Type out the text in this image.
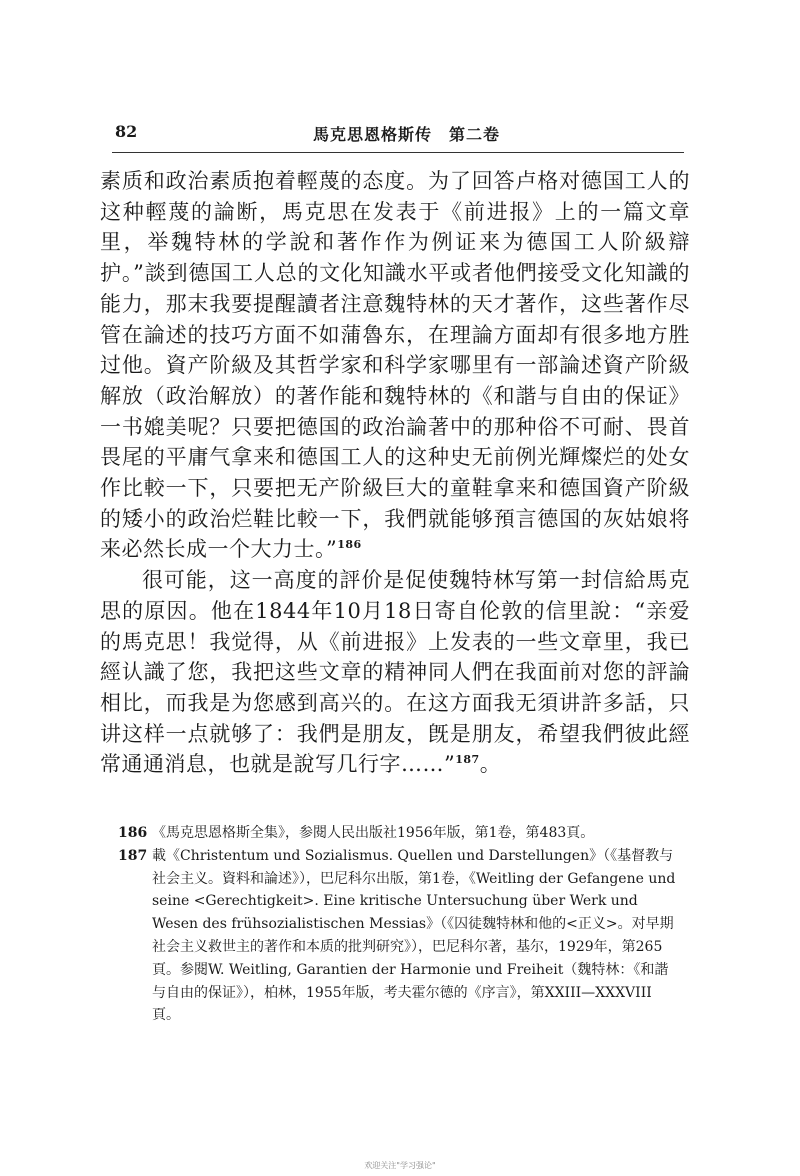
82	馬克思恩格斯传　第二卷

素质和政治素质抱着輕蔑的态度。为了回答卢格对德国工人的这种輕蔑的論断，馬克思在发表于《前进报》上的一篇文章里，举魏特林的学說和著作作为例证来为德国工人阶級辯护。”談到德国工人总的文化知識水平或者他們接受文化知識的能力，那末我要提醒讀者注意魏特林的天才著作，这些著作尽管在論述的技巧方面不如蒲魯东，在理論方面却有很多地方胜过他。資产阶級及其哲学家和科学家哪里有一部論述資产阶級解放（政治解放）的著作能和魏特林的《和諧与自由的保证》一书媲美呢？只要把德国的政治論著中的那种俗不可耐、畏首畏尾的平庸气拿来和德国工人的这种史无前例光輝燦烂的处女作比較一下，只要把无产阶級巨大的童鞋拿来和德国資产阶級的矮小的政治烂鞋比較一下，我們就能够預言德国的灰姑娘将来必然长成一个大力士。”$^{186}$

很可能，这一高度的評价是促使魏特林写第一封信給馬克思的原因。他在1844年10月18日寄自伦敦的信里說：“亲爱的馬克思！我觉得，从《前进报》上发表的一些文章里，我已經认識了您，我把这些文章的精神同人們在我面前对您的評論相比，而我是为您感到高兴的。在这方面我无須讲許多話，只讲这样一点就够了：我們是朋友，旣是朋友，希望我們彼此經常通通消息，也就是說写几行字……”$^{187}$。

186 《馬克思恩格斯全集》，参閱人民出版社1956年版，第1卷，第483頁。
187 載《Christentum und Sozialismus. Quellen und Darstellungen》（《基督教与社会主义。資料和論述》），巴尼科尔出版，第1卷，《Weitling der Gefangene und seine <Gerechtigkeit>. Eine kritische Untersuchung über Werk und Wesen des frühsozialistischen Messias》（《囚徒魏特林和他的<正义>。对早期社会主义救世主的著作和本质的批判研究》），巴尼科尔著，基尔，1929年，第265頁。参閱W. Weitling, Garantien der Harmonie und Freiheit（魏特林：《和諧与自由的保证》），柏林，1955年版，考夫霍尔德的《序言》，第XXIII—XXXVIII頁。
欢迎关注"学习强论"
